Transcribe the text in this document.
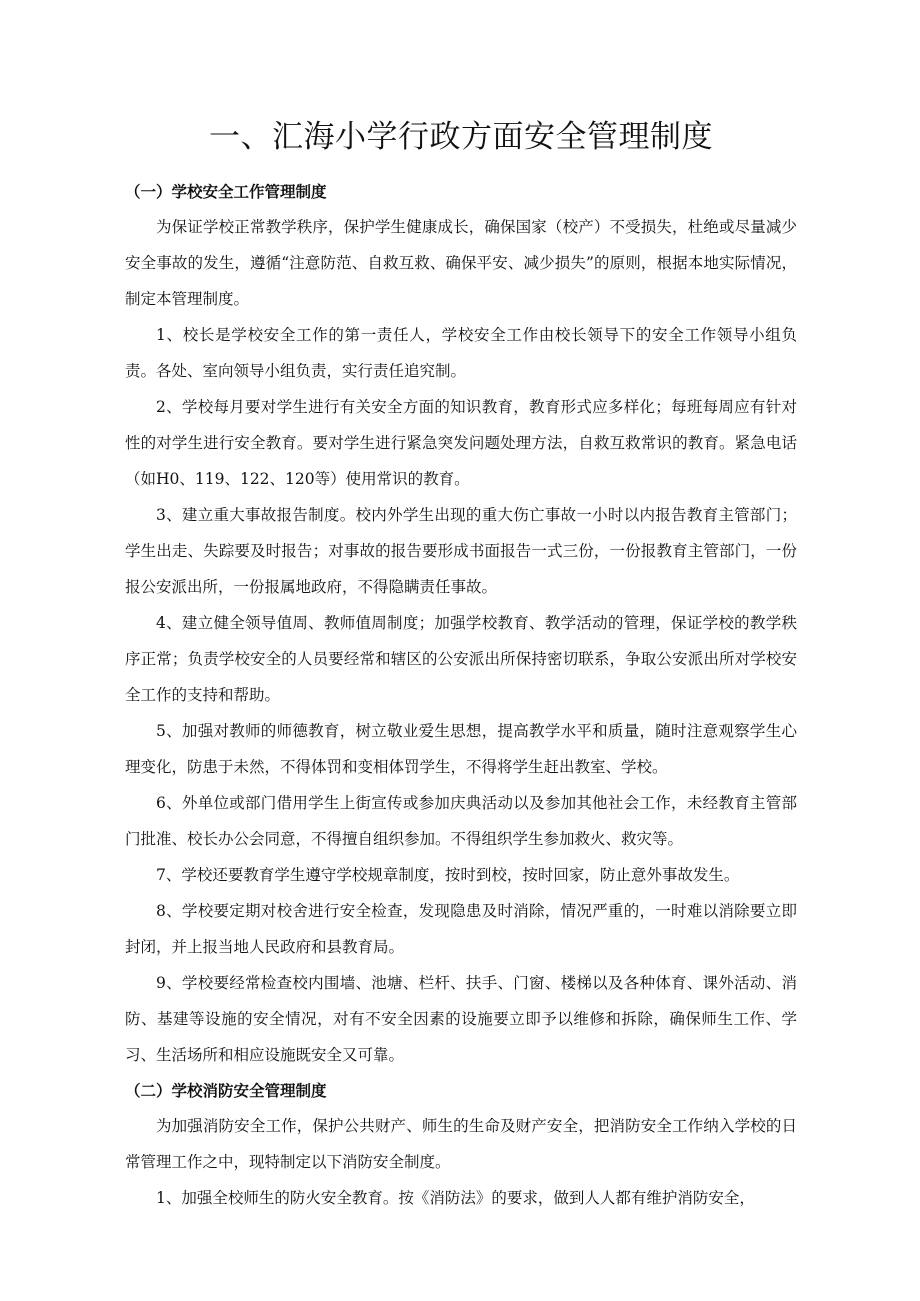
一、汇海小学行政方面安全管理制度
（一）学校安全工作管理制度

为保证学校正常教学秩序，保护学生健康成长，确保国家（校产）不受损失，杜绝或尽量减少安全事故的发生，遵循“注意防范、自救互救、确保平安、减少损失”的原则，根据本地实际情况，制定本管理制度。

1、校长是学校安全工作的第一责任人，学校安全工作由校长领导下的安全工作领导小组负责。各处、室向领导小组负责，实行责任追究制。

2、学校每月要对学生进行有关安全方面的知识教育，教育形式应多样化；每班每周应有针对性的对学生进行安全教育。要对学生进行紧急突发问题处理方法，自救互救常识的教育。紧急电话（如H0、119、122、120等）使用常识的教育。

3、建立重大事故报告制度。校内外学生出现的重大伤亡事故一小时以内报告教育主管部门；学生出走、失踪要及时报告；对事故的报告要形成书面报告一式三份，一份报教育主管部门，一份报公安派出所，一份报属地政府，不得隐瞒责任事故。

4、建立健全领导值周、教师值周制度；加强学校教育、教学活动的管理，保证学校的教学秩序正常；负责学校安全的人员要经常和辖区的公安派出所保持密切联系，争取公安派出所对学校安全工作的支持和帮助。

5、加强对教师的师德教育，树立敬业爱生思想，提高教学水平和质量，随时注意观察学生心理变化，防患于未然，不得体罚和变相体罚学生，不得将学生赶出教室、学校。

6、外单位或部门借用学生上街宣传或参加庆典活动以及参加其他社会工作，未经教育主管部门批准、校长办公会同意，不得擅自组织参加。不得组织学生参加救火、救灾等。

7、学校还要教育学生遵守学校规章制度，按时到校，按时回家，防止意外事故发生。

8、学校要定期对校舍进行安全检查，发现隐患及时消除，情况严重的，一时难以消除要立即封闭，并上报当地人民政府和县教育局。

9、学校要经常检查校内围墙、池塘、栏杆、扶手、门窗、楼梯以及各种体育、课外活动、消防、基建等设施的安全情况，对有不安全因素的设施要立即予以维修和拆除，确保师生工作、学习、生活场所和相应设施既安全又可靠。

（二）学校消防安全管理制度

为加强消防安全工作，保护公共财产、师生的生命及财产安全，把消防安全工作纳入学校的日常管理工作之中，现特制定以下消防安全制度。

1、加强全校师生的防火安全教育。按《消防法》的要求，做到人人都有维护消防安全，
